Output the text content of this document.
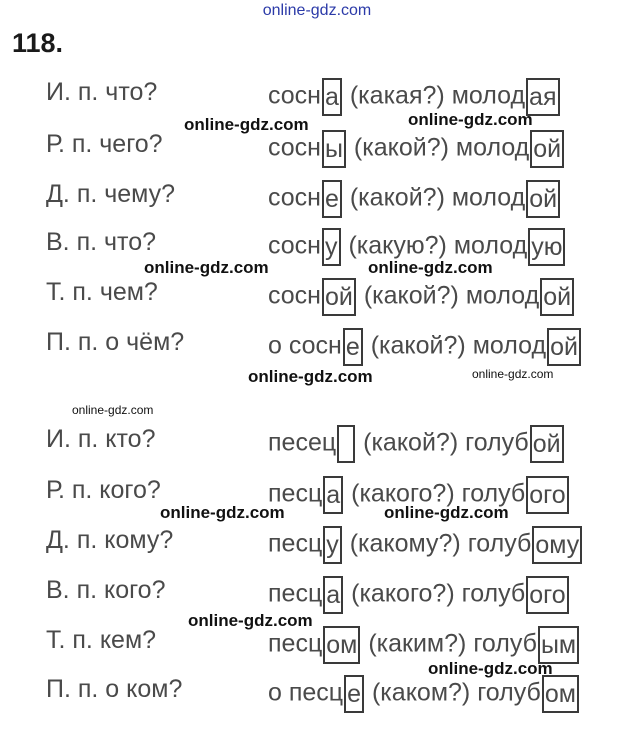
online-gdz.com
118.
И. п. что?	сосн а (какая?) молод ая
Р. п. чего?	сосн ы (какой?) молод ой
Д. п. чему?	сосн е (какой?) молод ой
В. п. что?	сосн у (какую?) молод ую
Т. п. чем?	сосн ой (какой?) молод ой
П. п. о чём?	о сосн е (какой?) молод ой
И. п. кто?	песец (какой?) голуб ой
Р. п. кого?	песц а (какого?) голуб ого
Д. п. кому?	песц у (какому?) голуб ому
В. п. кого?	песц а (какого?) голуб ого
Т. п. кем?	песц ом (каким?) голуб ым
П. п. о ком?	о песц е (каком?) голуб ом
online-gdz.com	online-gdz.com
online-gdz.com	online-gdz.com
online-gdz.com	online-gdz.com
online-gdz.com
online-gdz.com	online-gdz.com
online-gdz.com
online-gdz.com
